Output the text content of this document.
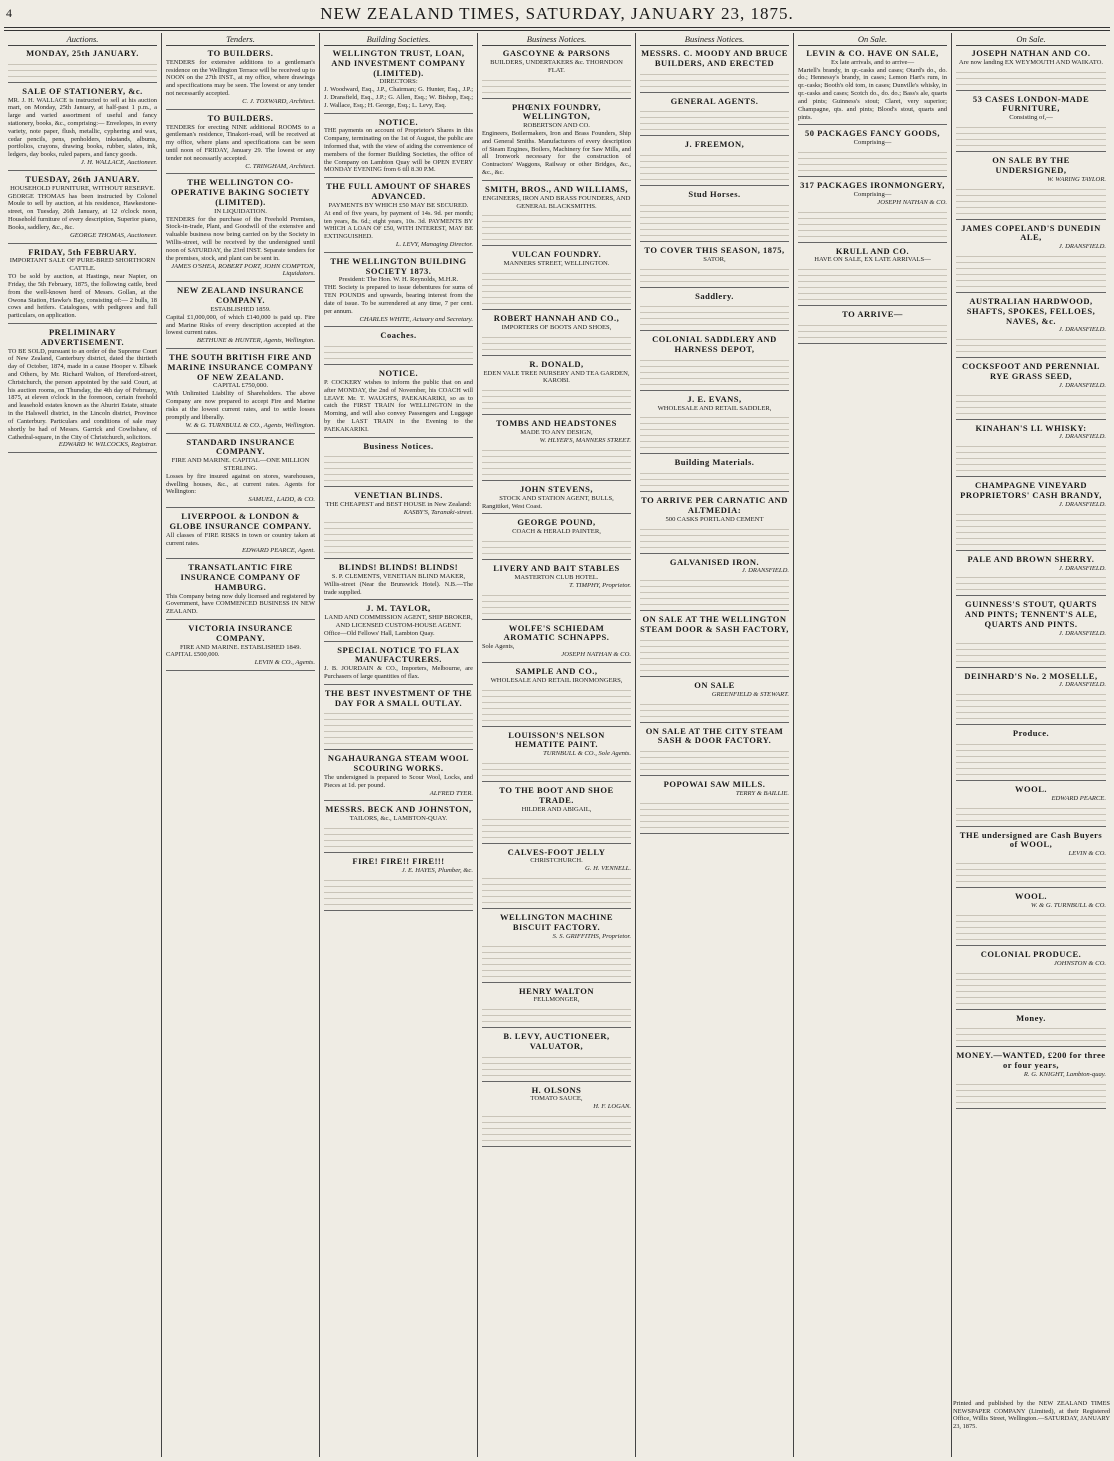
4	NEW ZEALAND TIMES, SATURDAY, JANUARY 23, 1875.
Auctions.
MONDAY, 25th JANUARY.
SALE OF STATIONERY, &c.
MR. J. H. WALLACE is instructed to sell at his auction mart, on Monday, 25th January, at half-past 1 p.m., a large and varied assortment of useful and fancy stationery, books, &c., comprising:— Envelopes, in every variety, note paper, flush, metallic, cyphering and wax, cedar pencils, pens, penholders, inkstands, albums, portfolios, crayons, drawing books, rubber, slates, ink, ledgers, day books, ruled papers, and fancy goods.
J. H. WALLACE, Auctioneer.
TUESDAY, 26th JANUARY.
HOUSEHOLD FURNITURE, WITHOUT RESERVE.
GEORGE THOMAS has been instructed by Colonel Moule to sell by auction, at his residence, Hawkestone-street, on Tuesday, 26th January, at 12 o'clock noon, Household furniture of every description, Superior piano, Books, saddlery, &c., &c.
GEORGE THOMAS, Auctioneer.
FRIDAY, 5th FEBRUARY.
IMPORTANT SALE OF PURE-BRED SHORTHORN CATTLE.
TO be sold by auction, at Hastings, near Napier, on Friday, the 5th February, 1875, the following cattle, bred from the well-known herd of Messrs. Gollan, at the Owona Station, Hawke's Bay, consisting of:— 2 bulls, 18 cows and heifers. Catalogues, with pedigrees and full particulars, on application.
PRELIMINARY ADVERTISEMENT.
TO BE SOLD, pursuant to an order of the Supreme Court of New Zealand, Canterbury district, dated the thirtieth day of October, 1874, made in a cause Hooper v. Elbaek and Others, by Mr. Richard Walton, of Hereford-street, Christchurch, the person appointed by the said Court, at his auction rooms, on Thursday, the 4th day of February, 1875, at eleven o'clock in the forenoon, certain freehold and leasehold estates known as the Ahuriri Estate, situate in the Halswell district, in the Lincoln district, Province of Canterbury. Particulars and conditions of sale may shortly be had of Messrs. Garrick and Cowlishaw, of Cathedral-square, in the City of Christchurch, solicitors.
EDWARD W. WILCOCKS, Registrar.
Tenders.
TO BUILDERS.
TENDERS for extensive additions to a gentleman's residence on the Wellington Terrace will be received up to NOON on the 27th INST., at my office, where drawings and specifications may be seen. The lowest or any tender not necessarily accepted.
C. J. TOXWARD, Architect.
TO BUILDERS.
TENDERS for erecting NINE additional ROOMS to a gentleman's residence, Tinakori-road, will be received at my office, where plans and specifications can be seen until noon of FRIDAY, January 29. The lowest or any tender not necessarily accepted.
C. TRINGHAM, Architect.
THE WELLINGTON CO-OPERATIVE BAKING SOCIETY (LIMITED).
IN LIQUIDATION.
TENDERS for the purchase of the Freehold Premises, Stock-in-trade, Plant, and Goodwill of the extensive and valuable business now being carried on by the Society in Willis-street, will be received by the undersigned until noon of SATURDAY, the 23rd INST. Separate tenders for the premises, stock, and plant can be sent in.
JAMES O'SHEA, ROBERT PORT, JOHN COMPTON, Liquidators.
NEW ZEALAND INSURANCE COMPANY.
ESTABLISHED 1859.
Capital £1,000,000, of which £140,000 is paid up. Fire and Marine Risks of every description accepted at the lowest current rates.
BETHUNE & HUNTER, Agents, Wellington.
THE SOUTH BRITISH FIRE AND MARINE INSURANCE COMPANY OF NEW ZEALAND.
CAPITAL £750,000.
With Unlimited Liability of Shareholders. The above Company are now prepared to accept Fire and Marine risks at the lowest current rates, and to settle losses promptly and liberally.
W. & G. TURNBULL & CO., Agents, Wellington.
STANDARD INSURANCE COMPANY.
FIRE AND MARINE. CAPITAL—ONE MILLION STERLING.
Losses by fire insured against on stores, warehouses, dwelling houses, &c., at current rates. Agents for Wellington:
SAMUEL, LADD, & CO.
LIVERPOOL & LONDON & GLOBE INSURANCE COMPANY.
All classes of FIRE RISKS in town or country taken at current rates.
EDWARD PEARCE, Agent.
TRANSATLANTIC FIRE INSURANCE COMPANY OF HAMBURG.
This Company being now duly licensed and registered by Government, have COMMENCED BUSINESS IN NEW ZEALAND.
VICTORIA INSURANCE COMPANY.
FIRE AND MARINE. ESTABLISHED 1849.
CAPITAL £500,000.
LEVIN & CO., Agents.
Building Societies.
WELLINGTON TRUST, LOAN, AND INVESTMENT COMPANY (LIMITED).
DIRECTORS:
J. Woodward, Esq., J.P., Chairman; G. Hunter, Esq., J.P.; J. Dransfield, Esq., J.P.; G. Allen, Esq.; W. Bishop, Esq.; J. Wallace, Esq.; H. George, Esq.; L. Levy, Esq.
NOTICE.
THE payments on account of Proprietor's Shares in this Company, terminating on the 1st of August, the public are informed that, with the view of aiding the convenience of members of the former Building Societies, the office of the Company on Lambton Quay will be OPEN EVERY MONDAY EVENING from 6 till 8.30 P.M.
THE FULL AMOUNT OF SHARES ADVANCED.
PAYMENTS BY WHICH £50 MAY BE SECURED.
At end of five years, by payment of 14s. 9d. per month; ten years, 8s. 6d.; eight years, 10s. 3d. PAYMENTS BY WHICH A LOAN OF £50, WITH INTEREST, MAY BE EXTINGUISHED.
L. LEVY, Managing Director.
THE WELLINGTON BUILDING SOCIETY 1873.
President: The Hon. W. H. Reynolds, M.H.R.
THE Society is prepared to issue debentures for sums of TEN POUNDS and upwards, bearing interest from the date of issue. To be surrendered at any time, 7 per cent. per annum.
CHARLES WHITE, Actuary and Secretary.
Coaches.
NOTICE.
P. COCKERY wishes to inform the public that on and after MONDAY, the 2nd of November, his COACH will LEAVE Mr. T. WAUGH'S, PAEKAKARIKI, so as to catch the FIRST TRAIN for WELLINGTON in the Morning, and will also convey Passengers and Luggage by the LAST TRAIN in the Evening to the PAEKAKARIKI.
Business Notices.
VENETIAN BLINDS.
THE CHEAPEST and BEST HOUSE in New Zealand:
KASBY'S, Taranaki-street.
BLINDS! BLINDS! BLINDS!
S. P. CLEMENTS, VENETIAN BLIND MAKER,
Willis-street (Near the Brunswick Hotel). N.B.—The trade supplied.
J. M. TAYLOR,
LAND AND COMMISSION AGENT, SHIP BROKER, AND LICENSED CUSTOM-HOUSE AGENT.
Office—Old Fellows' Hall, Lambton Quay.
SPECIAL NOTICE TO FLAX MANUFACTURERS.
J. B. JOURDAIN & CO., Importers, Melbourne, are Purchasers of large quantities of flax.
THE BEST INVESTMENT OF THE DAY FOR A SMALL OUTLAY.
NGAHAURANGA STEAM WOOL SCOURING WORKS.
The undersigned is prepared to Scour Wool, Locks, and Pieces at 1d. per pound.
ALFRED TYER.
MESSRS. BECK AND JOHNSTON,
TAILORS, &c., LAMBTON-QUAY.
FIRE! FIRE!! FIRE!!!
J. E. HAYES, Plumber, &c.
Business Notices.
GASCOYNE & PARSONS
BUILDERS, UNDERTAKERS &c. THORNDON FLAT.
PHŒNIX FOUNDRY, WELLINGTON,
ROBERTSON AND CO.
Engineers, Boilermakers, Iron and Brass Founders, Ship and General Smiths. Manufacturers of every description of Steam Engines, Boilers, Machinery for Saw Mills, and all Ironwork necessary for the construction of Contractors' Waggons, Railway or other Bridges, &c., &c., &c.
SMITH, BROS., AND WILLIAMS,
ENGINEERS, IRON AND BRASS FOUNDERS, AND GENERAL BLACKSMITHS.
VULCAN FOUNDRY.
MANNERS STREET, WELLINGTON.
ROBERT HANNAH AND CO.,
IMPORTERS OF BOOTS AND SHOES,
R. DONALD,
EDEN VALE TREE NURSERY AND TEA GARDEN, KAROBI.
TOMBS AND HEADSTONES
MADE TO ANY DESIGN,
W. HLYER'S, MANNERS STREET.
JOHN STEVENS,
STOCK AND STATION AGENT, BULLS,
Rangitikei, West Coast.
GEORGE POUND,
COACH & HERALD PAINTER,
LIVERY AND BAIT STABLES
MASTERTON CLUB HOTEL.
T. TIMPHY, Proprietor.
WOLFE'S SCHIEDAM AROMATIC SCHNAPPS.
Sole Agents,
JOSEPH NATHAN & CO.
SAMPLE AND CO.,
WHOLESALE AND RETAIL IRONMONGERS,
LOUISSON'S NELSON HEMATITE PAINT.
TURNBULL & CO., Sole Agents.
TO THE BOOT AND SHOE TRADE.
HILDER AND ABIGAIL,
CALVES-FOOT JELLY
CHRISTCHURCH.
G. H. VENNELL.
WELLINGTON MACHINE BISCUIT FACTORY.
S. S. GRIFFITHS, Proprietor.
HENRY WALTON
FELLMONGER,
B. LEVY, AUCTIONEER, VALUATOR,
H. OLSONS
TOMATO SAUCE,
H. F. LOGAN.
Business Notices.
MESSRS. C. MOODY AND BRUCE BUILDERS, AND ERECTED
GENERAL AGENTS.
J. FREEMON,
Stud Horses.
TO COVER THIS SEASON, 1875,
SATOR,
Saddlery.
COLONIAL SADDLERY AND HARNESS DEPOT,
J. E. EVANS,
WHOLESALE AND RETAIL SADDLER,
Building Materials.
TO ARRIVE PER CARNATIC AND ALTMEDIA:
500 CASKS PORTLAND CEMENT
GALVANISED IRON.
J. DRANSFIELD.
ON SALE AT THE WELLINGTON STEAM DOOR & SASH FACTORY,
ON SALE
GREENFIELD & STEWART.
ON SALE AT THE CITY STEAM SASH & DOOR FACTORY.
POPOWAI SAW MILLS.
TERRY & BAILLIE.
On Sale.
LEVIN & CO. HAVE ON SALE,
Ex late arrivals, and to arrive—
Martell's brandy, in qr.-casks and cases; Otard's do., do. do.; Hennessy's brandy, in cases; Lemon Hart's rum, in qr.-casks; Booth's old tom, in cases; Dunville's whisky, in qr.-casks and cases; Scotch do., do. do.; Bass's ale, quarts and pints; Guinness's stout; Claret, very superior; Champagne, qts. and pints; Blood's stout, quarts and pints.
50 PACKAGES FANCY GOODS,
Comprising—
317 PACKAGES IRONMONGERY,
Comprising—
JOSEPH NATHAN & CO.
KRULL AND CO.
HAVE ON SALE, EX LATE ARRIVALS—
TO ARRIVE—
On Sale.
JOSEPH NATHAN AND CO.
Are now landing EX WEYMOUTH AND WAIKATO.
53 CASES LONDON-MADE FURNITURE,
Consisting of,—
ON SALE BY THE UNDERSIGNED,
W. WARING TAYLOR.
JAMES COPELAND'S DUNEDIN ALE,
J. DRANSFIELD.
AUSTRALIAN HARDWOOD, SHAFTS, SPOKES, FELLOES, NAVES, &c.
J. DRANSFIELD.
COCKSFOOT AND PERENNIAL RYE GRASS SEED,
J. DRANSFIELD.
KINAHAN'S LL WHISKY:
J. DRANSFIELD.
CHAMPAGNE VINEYARD PROPRIETORS' CASH BRANDY,
J. DRANSFIELD.
PALE AND BROWN SHERRY.
J. DRANSFIELD.
GUINNESS'S STOUT, QUARTS AND PINTS; TENNENT'S ALE, QUARTS AND PINTS.
J. DRANSFIELD.
DEINHARD'S No. 2 MOSELLE,
J. DRANSFIELD.
Produce.
WOOL.
EDWARD PEARCE.
THE undersigned are Cash Buyers of WOOL,
LEVIN & CO.
WOOL.
W. & G. TURNBULL & CO.
COLONIAL PRODUCE.
JOHNSTON & CO.
Money.
MONEY.—WANTED, £200 for three or four years,
R. G. KNIGHT, Lambton-quay.
Printed and published by the NEW ZEALAND TIMES NEWSPAPER COMPANY (Limited), at their Registered Office, Willis Street, Wellington.—SATURDAY, JANUARY 23, 1875.
